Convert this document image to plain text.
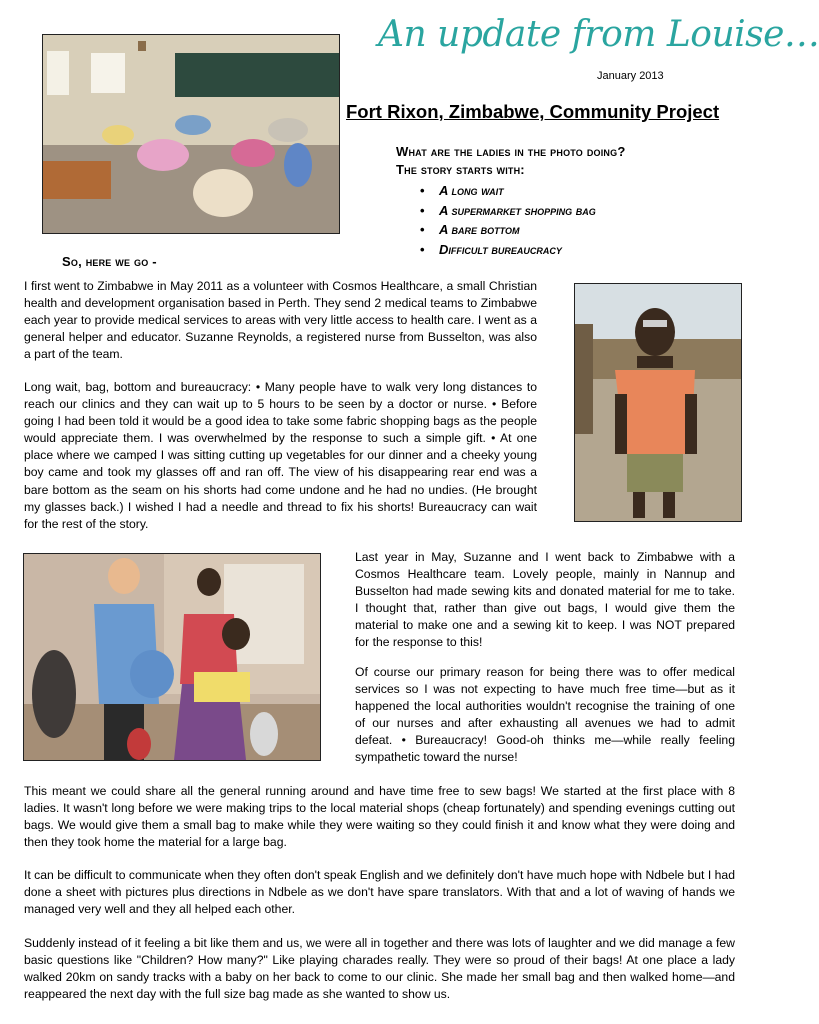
An update from Louise…
January 2013
Fort Rixon, Zimbabwe, Community Project
What are the ladies in the photo doing?
The story starts with:
• A long wait
• A supermarket shopping bag
• A bare bottom
• Difficult bureaucracy
So, here we go -

I first went to Zimbabwe in May 2011 as a volunteer with Cosmos Healthcare, a small Christian health and development organisation based in Perth. They send 2 medical teams to Zimbabwe each year to provide medical services to areas with very little access to health care. I went as a general helper and educator. Suzanne Reynolds, a registered nurse from Busselton, was also a part of the team.

Long wait, bag, bottom and bureaucracy: • Many people have to walk very long distances to reach our clinics and they can wait up to 5 hours to be seen by a doctor or nurse. • Before going I had been told it would be a good idea to take some fabric shopping bags as the people would appreciate them. I was overwhelmed by the response to such a simple gift. • At one place where we camped I was sitting cutting up vegetables for our dinner and a cheeky young boy came and took my glasses off and ran off. The view of his disappearing rear end was a bare bottom as the seam on his shorts had come undone and he had no undies. (He brought my glasses back.) I wished I had a needle and thread to fix his shorts! Bureaucracy can wait for the rest of the story.

Last year in May, Suzanne and I went back to Zimbabwe with a Cosmos Healthcare team. Lovely people, mainly in Nannup and Busselton had made sewing kits and donated material for me to take. I thought that, rather than give out bags, I would give them the material to make one and a sewing kit to keep. I was NOT prepared for the response to this!

Of course our primary reason for being there was to offer medical services so I was not expecting to have much free time—but as it happened the local authorities wouldn't recognise the training of one of our nurses and after exhausting all avenues we had to admit defeat. • Bureaucracy! Good-oh thinks me—while really feeling sympathetic toward the nurse!

This meant we could share all the general running around and have time free to sew bags! We started at the first place with 8 ladies. It wasn't long before we were making trips to the local material shops (cheap fortunately) and spending evenings cutting out bags. We would give them a small bag to make while they were waiting so they could finish it and know what they were doing and then they took home the material for a large bag.

It can be difficult to communicate when they often don't speak English and we definitely don't have much hope with Ndbele but I had done a sheet with pictures plus directions in Ndbele as we don't have spare translators. With that and a lot of waving of hands we managed very well and they all helped each other.

Suddenly instead of it feeling a bit like them and us, we were all in together and there was lots of laughter and we did manage a few basic questions like "Children? How many?" Like playing charades really. They were so proud of their bags! At one place a lady walked 20km on sandy tracks with a baby on her back to come to our clinic. She made her small bag and then walked home—and reappeared the next day with the full size bag made as she wanted to show us.
